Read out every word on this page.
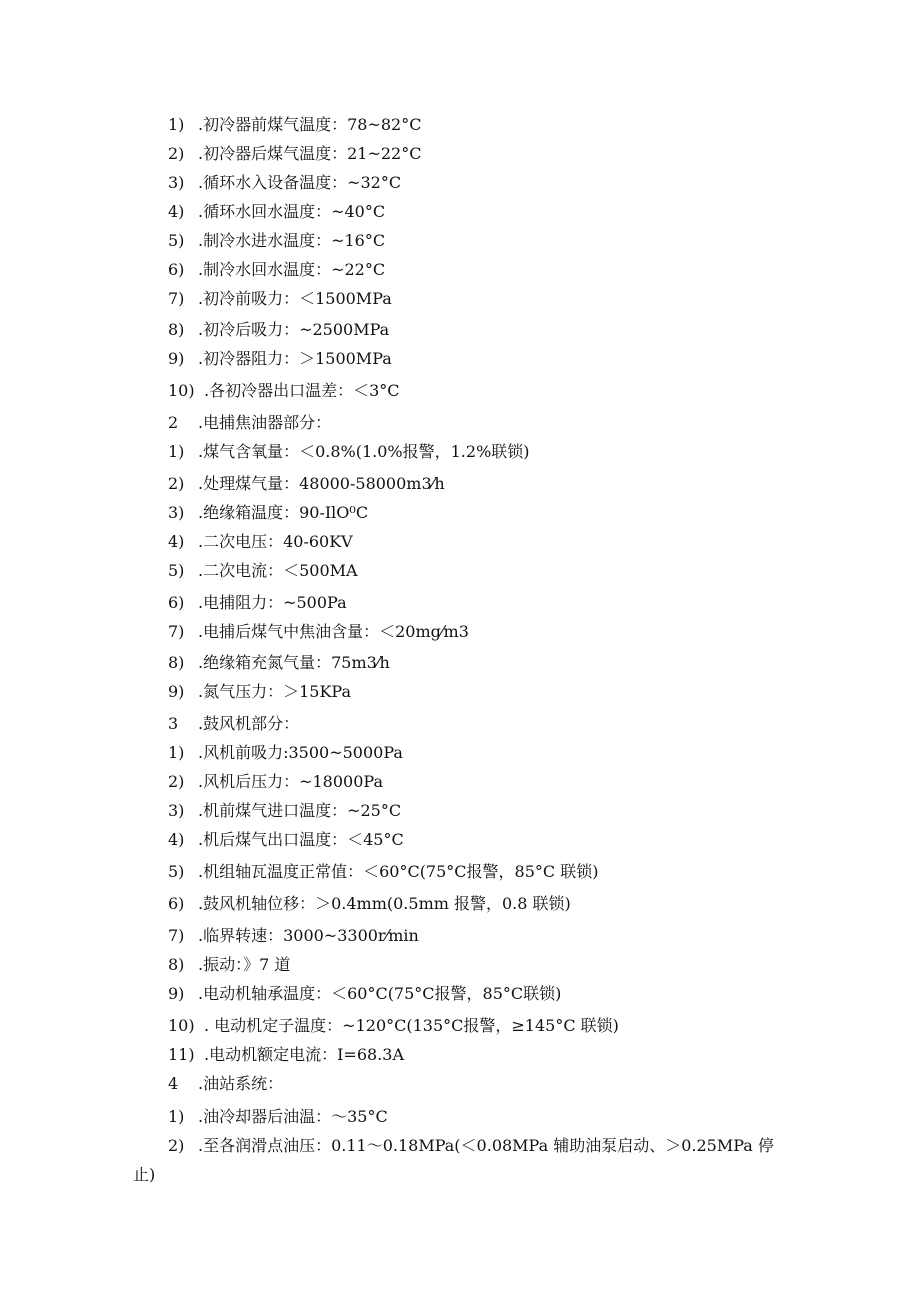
1) .初冷器前煤气温度：78~82°C
2) .初冷器后煤气温度：21~22°C
3) .循环水入设备温度：~32°C
4) .循环水回水温度：~40°C
5) .制冷水进水温度：~16°C
6) .制冷水回水温度：~22°C
7) .初冷前吸力：＜1500MPa
8) .初冷后吸力：~2500MPa
9) .初冷器阻力：＞1500MPa
10) .各初冷器出口温差：＜3°C
2 .电捕焦油器部分：
1) .煤气含氧量：＜0.8%(1.0%报警，1.2%联锁)
2) .处理煤气量：48000-58000m3⁄h
3) .绝缘箱温度：90-IlO⁰C
4) .二次电压：40-60KV
5) .二次电流：＜500MA
6) .电捕阻力：~500Pa
7) .电捕后煤气中焦油含量：＜20mg⁄m3
8) .绝缘箱充氮气量：75m3⁄h
9) .氮气压力：＞15KPa
3 .鼓风机部分：
1) .风机前吸力:3500~5000Pa
2) .风机后压力：~18000Pa
3) .机前煤气进口温度：~25°C
4) .机后煤气出口温度：＜45°C
5) .机组轴瓦温度正常值：＜60°C(75°C报警，85°C 联锁)
6) .鼓风机轴位移：＞0.4mm(0.5mm 报警，0.8 联锁)
7) .临界转速：3000~3300r⁄min
8) .振动：》7 道
9) .电动机轴承温度：＜60°C(75°C报警，85°C联锁)
10) . 电动机定子温度：~120°C(135°C报警，≥145°C 联锁)
11) .电动机额定电流：I=68.3A
4 .油站系统：
1) .油冷却器后油温：～35°C
2) .至各润滑点油压：0.11～0.18MPa(＜0.08MPa 辅助油泵启动、＞0.25MPa 停
止)
